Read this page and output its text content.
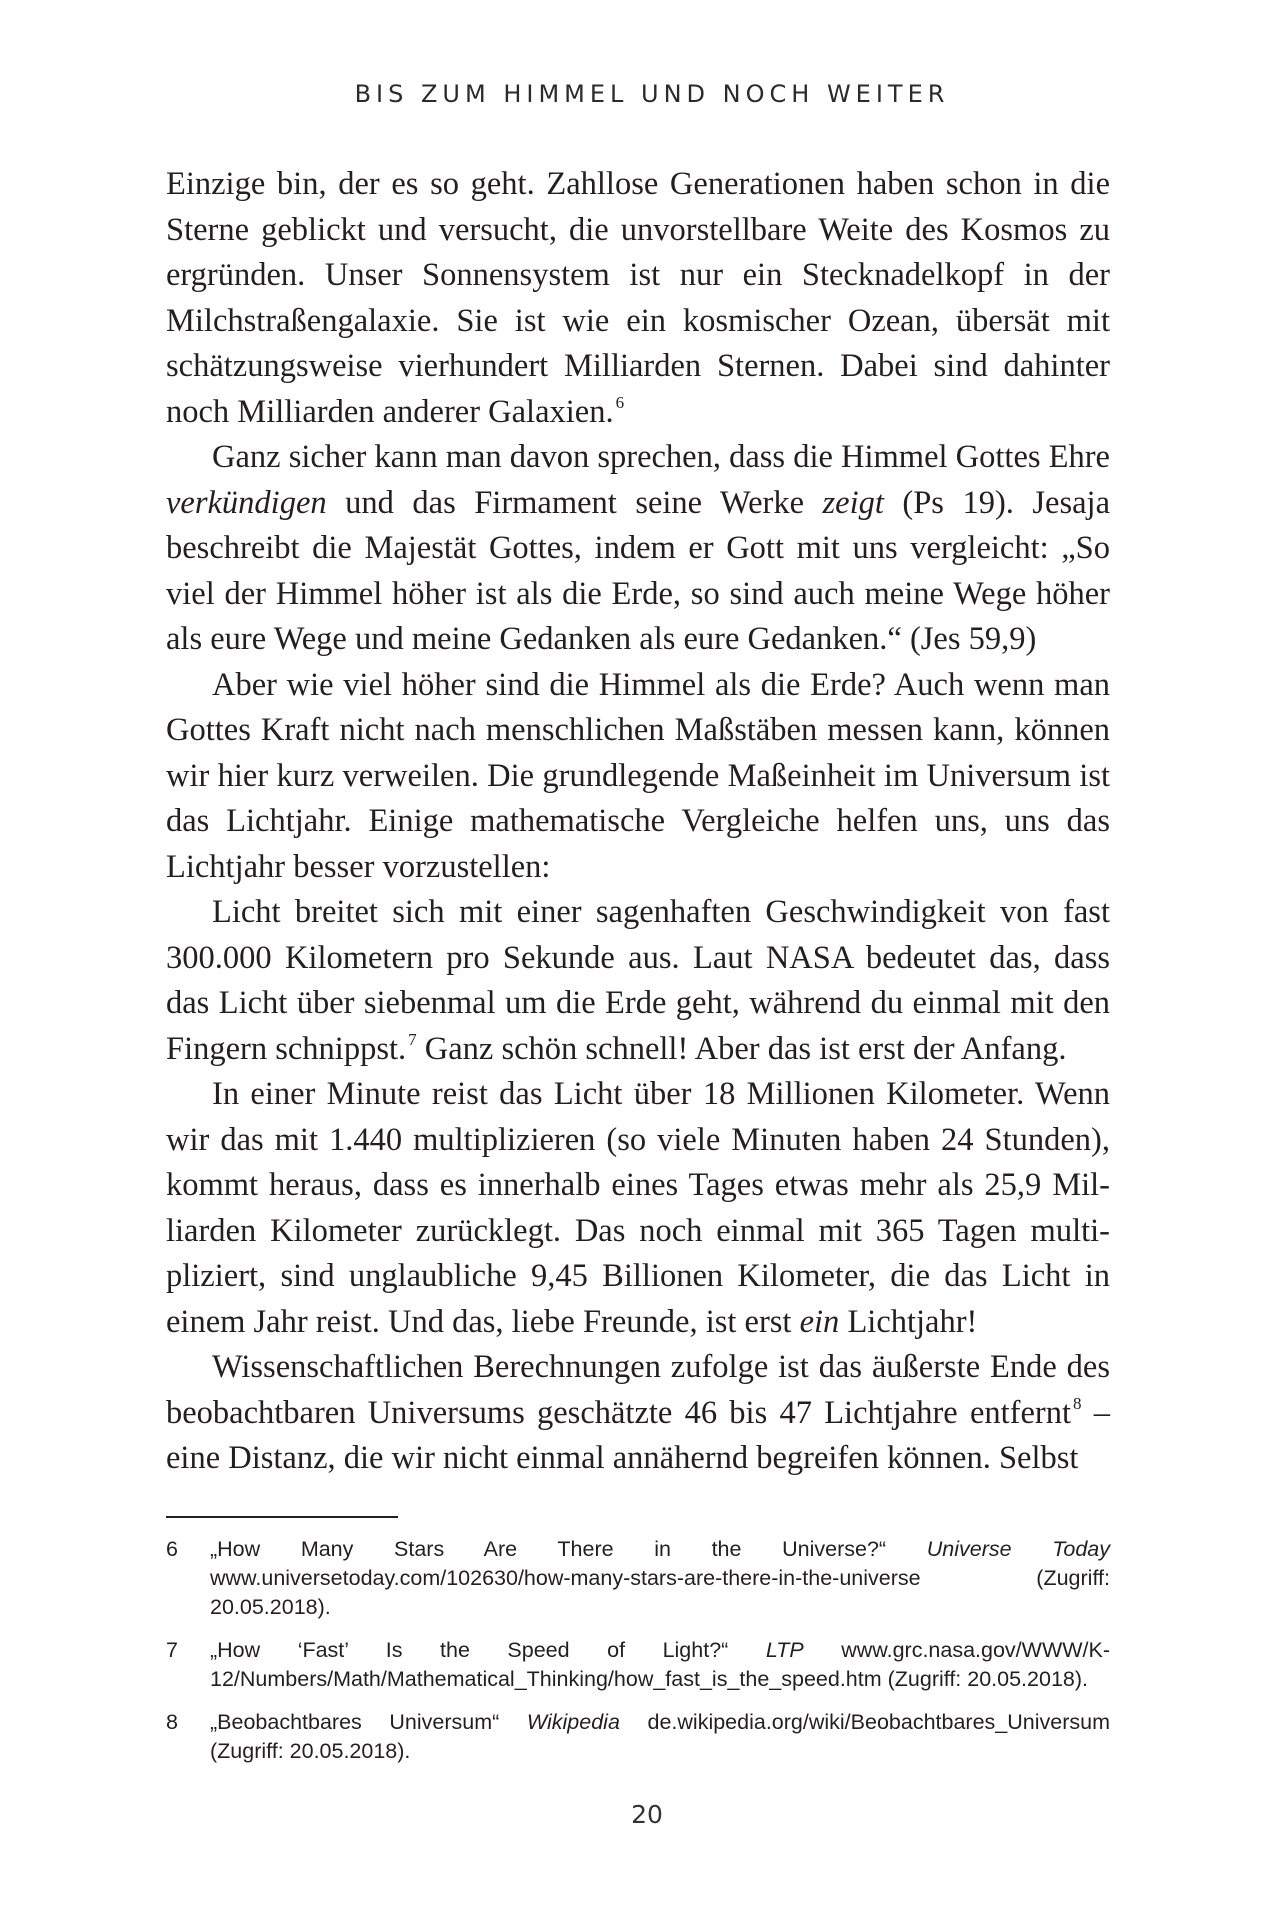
BIS ZUM HIMMEL UND NOCH WEITER

Einzige bin, der es so geht. Zahllose Generationen haben schon in die Sterne geblickt und versucht, die unvorstellbare Weite des Kosmos zu ergründen. Unser Sonnensystem ist nur ein Stecknadelkopf in der Milchstraßengalaxie. Sie ist wie ein kosmischer Ozean, übersät mit schätzungsweise vierhundert Milliarden Sternen. Dabei sind dahinter noch Milliarden anderer Galaxien. $^6$

Ganz sicher kann man davon sprechen, dass die Himmel Gottes Ehre verkündigen und das Firmament seine Werke zeigt (Ps 19). Jesaja beschreibt die Majestät Gottes, indem er Gott mit uns vergleicht: „So viel der Himmel höher ist als die Erde, so sind auch meine Wege höher als eure Wege und meine Gedanken als eure Gedanken.“ (Jes 59,9)

Aber wie viel höher sind die Himmel als die Erde? Auch wenn man Gottes Kraft nicht nach menschlichen Maßstäben messen kann, können wir hier kurz verweilen. Die grundlegende Maßeinheit im Universum ist das Lichtjahr. Einige mathematische Vergleiche helfen uns, uns das Lichtjahr besser vorzustellen:

Licht breitet sich mit einer sagenhaften Geschwindigkeit von fast 300.000 Kilometern pro Sekunde aus. Laut NASA bedeutet das, dass das Licht über siebenmal um die Erde geht, während du einmal mit den Fingern schnippst. $^7$ Ganz schön schnell! Aber das ist erst der Anfang.

In einer Minute reist das Licht über 18 Millionen Kilometer. Wenn wir das mit 1.440 multiplizieren (so viele Minuten haben 24 Stunden), kommt heraus, dass es innerhalb eines Tages etwas mehr als 25,9 Milliarden Kilometer zurücklegt. Das noch einmal mit 365 Tagen multipliziert, sind unglaubliche 9,45 Billionen Kilometer, die das Licht in einem Jahr reist. Und das, liebe Freunde, ist erst ein Lichtjahr!

Wissenschaftlichen Berechnungen zufolge ist das äußerste Ende des beobachtbaren Universums geschätzte 46 bis 47 Lichtjahre entfernt $^8$ – eine Distanz, die wir nicht einmal annähernd begreifen können. Selbst

6	„How Many Stars Are There in the Universe?“ Universe Today www.universetoday.com/102630/how-many-stars-are-there-in-the-universe (Zugriff: 20.05.2018).
7	„How ‘Fast’ Is the Speed of Light?“ LTP www.grc.nasa.gov/WWW/K-12/Numbers/Math/Mathematical_Thinking/how_fast_is_the_speed.htm (Zugriff: 20.05.2018).
8	„Beobachtbares Universum“ Wikipedia de.wikipedia.org/wiki/Beobachtbares_Universum (Zugriff: 20.05.2018).
20
